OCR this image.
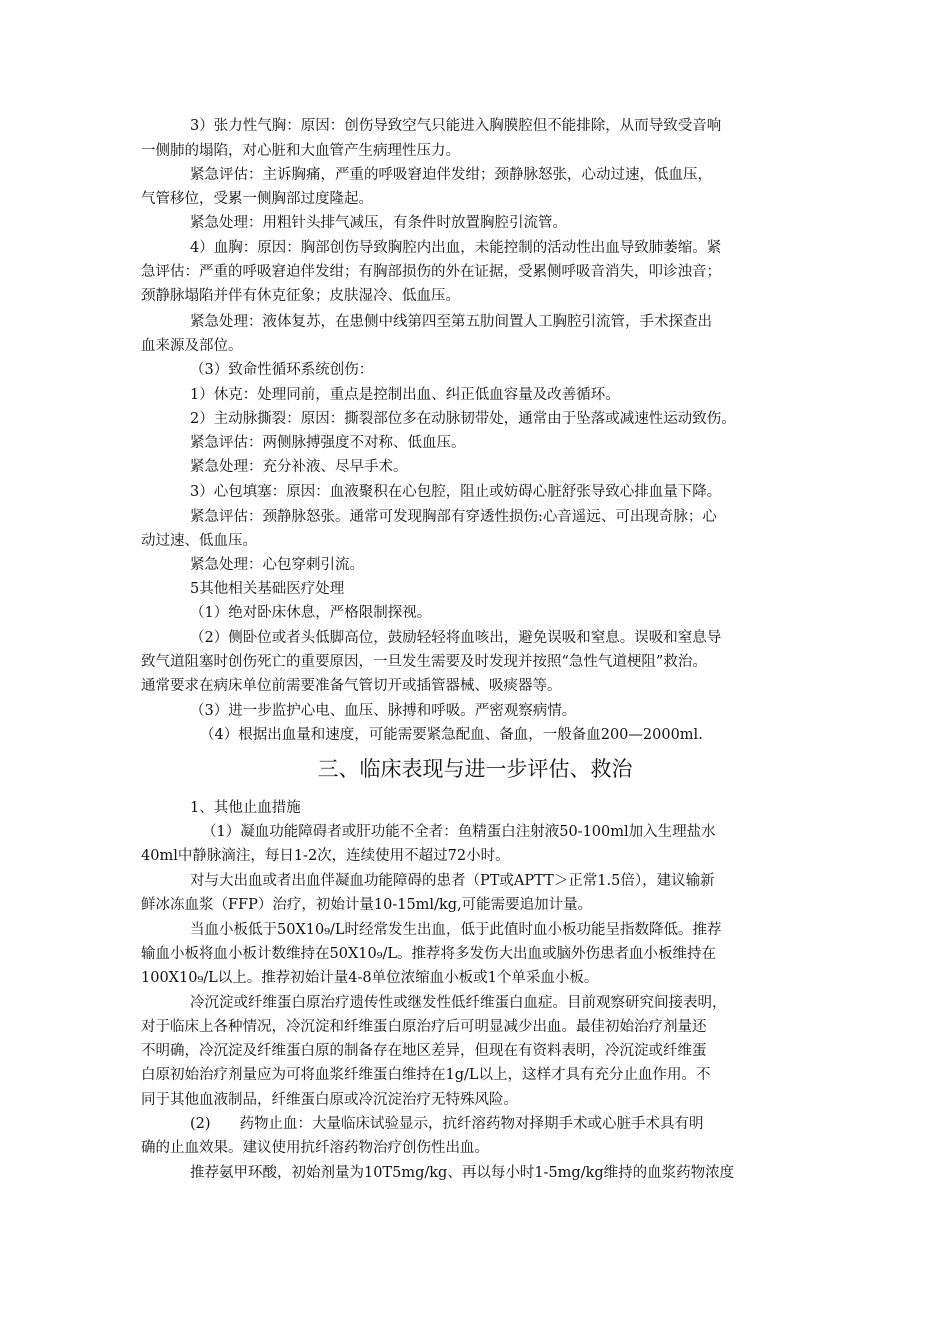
3）张力性气胸：原因：创伤导致空气只能进入胸膜腔但不能排除，从而导致受音响
一侧肺的塌陷，对心脏和大血管产生病理性压力。
紧急评估：主诉胸痛，严重的呼吸窘迫伴发绀；颈静脉怒张，心动过速，低血压，
气管移位，受累一侧胸部过度隆起。
紧急处理：用粗针头排气减压，有条件时放置胸腔引流管。
4）血胸：原因：胸部创伤导致胸腔内出血，未能控制的活动性出血导致肺萎缩。紧
急评估：严重的呼吸窘迫伴发绀；有胸部损伤的外在证据，受累侧呼吸音消失，叩诊浊音；
颈静脉塌陷并伴有休克征象；皮肤湿冷、低血压。
紧急处理：液体复苏，在患侧中线第四至第五肋间置人工胸腔引流管，手术探查出
血来源及部位。
（3）致命性循环系统创伤：
1）休克：处理同前，重点是控制出血、纠正低血容量及改善循环。
2）主动脉撕裂：原因：撕裂部位多在动脉韧带处，通常由于坠落或减速性运动致伤。
紧急评估：两侧脉搏强度不对称、低血压。
紧急处理：充分补液、尽早手术。
3）心包填塞：原因：血液聚积在心包腔，阻止或妨碍心脏舒张导致心排血量下降。
紧急评估：颈静脉怒张。通常可发现胸部有穿透性损伤:心音遥远、可出现奇脉；心
动过速、低血压。
紧急处理：心包穿刺引流。
5其他相关基础医疗处理
（1）绝对卧床休息，严格限制探视。
（2）侧卧位或者头低脚高位，鼓励轻轻将血咳出，避免误吸和窒息。误吸和窒息导
致气道阻塞时创伤死亡的重要原因，一旦发生需要及时发现并按照“急性气道梗阻”救治。
通常要求在病床单位前需要准备气管切开或插管器械、吸痰器等。
（3）进一步监护心电、血压、脉搏和呼吸。严密观察病情。
（4）根据出血量和速度，可能需要紧急配血、备血，一般备血200—2000ml.
三、临床表现与进一步评估、救治
1、其他止血措施
（1）凝血功能障碍者或肝功能不全者：鱼精蛋白注射液50-100ml加入生理盐水
40ml中静脉滴注，每日1-2次，连续使用不超过72小时。
对与大出血或者出血伴凝血功能障碍的患者（PT或APTT＞正常1.5倍），建议输新
鲜冰冻血浆（FFP）治疗，初始计量10-15ml/kg,可能需要追加计量。
当血小板低于50X10₉/L时经常发生出血，低于此值时血小板功能呈指数降低。推荐
输血小板将血小板计数维持在50X10₉/L。推荐将多发伤大出血或脑外伤患者血小板维持在
100X10₉/L以上。推荐初始计量4-8单位浓缩血小板或1个单采血小板。
冷沉淀或纤维蛋白原治疗遗传性或继发性低纤维蛋白血症。目前观察研究间接表明，
对于临床上各种情况，冷沉淀和纤维蛋白原治疗后可明显减少出血。最佳初始治疗剂量还
不明确，冷沉淀及纤维蛋白原的制备存在地区差异，但现在有资料表明，冷沉淀或纤维蛋
白原初始治疗剂量应为可将血浆纤维蛋白维持在1g/L以上，这样才具有充分止血作用。不
同于其他血液制品，纤维蛋白原或冷沉淀治疗无特殊风险。
(2)  药物止血：大量临床试验显示，抗纤溶药物对择期手术或心脏手术具有明
确的止血效果。建议使用抗纤溶药物治疗创伤性出血。
推荐氨甲环酸，初始剂量为10T5mg/kg、再以每小时1-5mg/kg维持的血浆药物浓度
